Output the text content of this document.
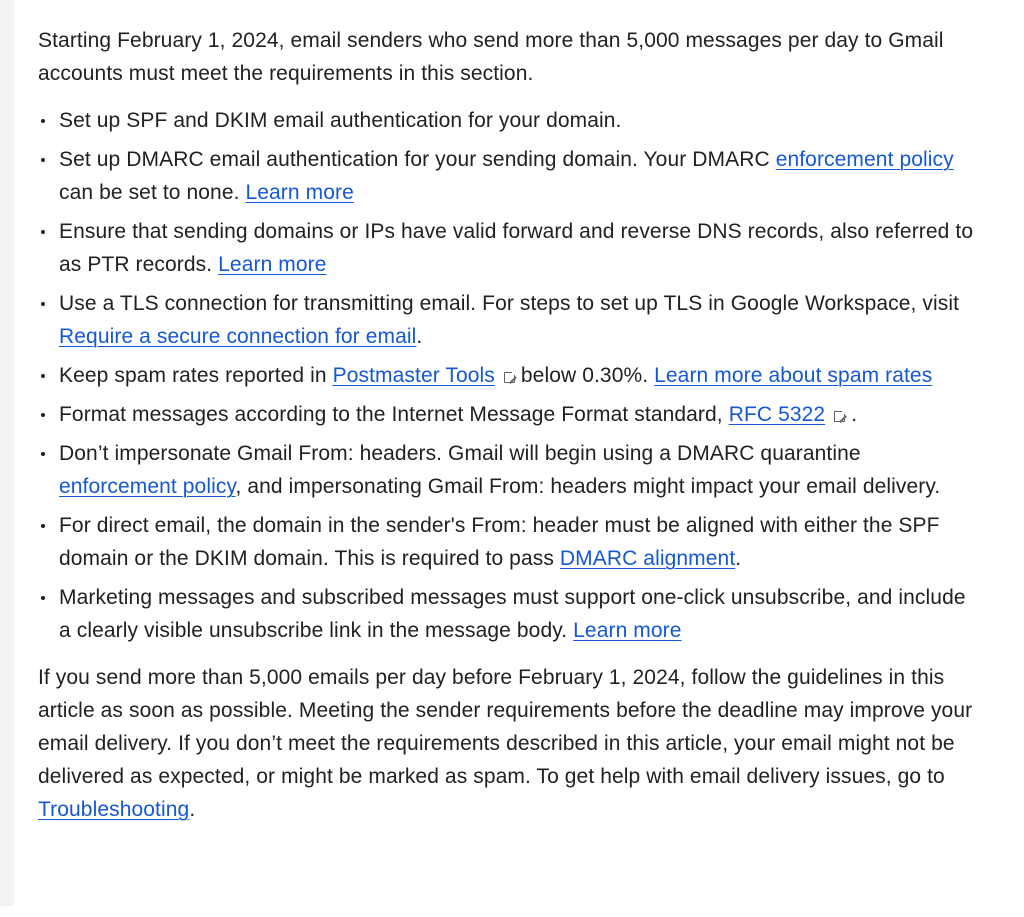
Starting February 1, 2024, email senders who send more than 5,000 messages per day to Gmail accounts must meet the requirements in this section.

Set up SPF and DKIM email authentication for your domain.
Set up DMARC email authentication for your sending domain. Your DMARC enforcement policy can be set to none. Learn more
Ensure that sending domains or IPs have valid forward and reverse DNS records, also referred to as PTR records. Learn more
Use a TLS connection for transmitting email. For steps to set up TLS in Google Workspace, visit Require a secure connection for email.
Keep spam rates reported in Postmaster Tools below 0.30%. Learn more about spam rates
Format messages according to the Internet Message Format standard, RFC 5322 .
Don’t impersonate Gmail From: headers. Gmail will begin using a DMARC quarantine enforcement policy, and impersonating Gmail From: headers might impact your email delivery.
For direct email, the domain in the sender's From: header must be aligned with either the SPF domain or the DKIM domain. This is required to pass DMARC alignment.
Marketing messages and subscribed messages must support one-click unsubscribe, and include a clearly visible unsubscribe link in the message body. Learn more

If you send more than 5,000 emails per day before February 1, 2024, follow the guidelines in this article as soon as possible. Meeting the sender requirements before the deadline may improve your email delivery. If you don’t meet the requirements described in this article, your email might not be delivered as expected, or might be marked as spam. To get help with email delivery issues, go to Troubleshooting.
